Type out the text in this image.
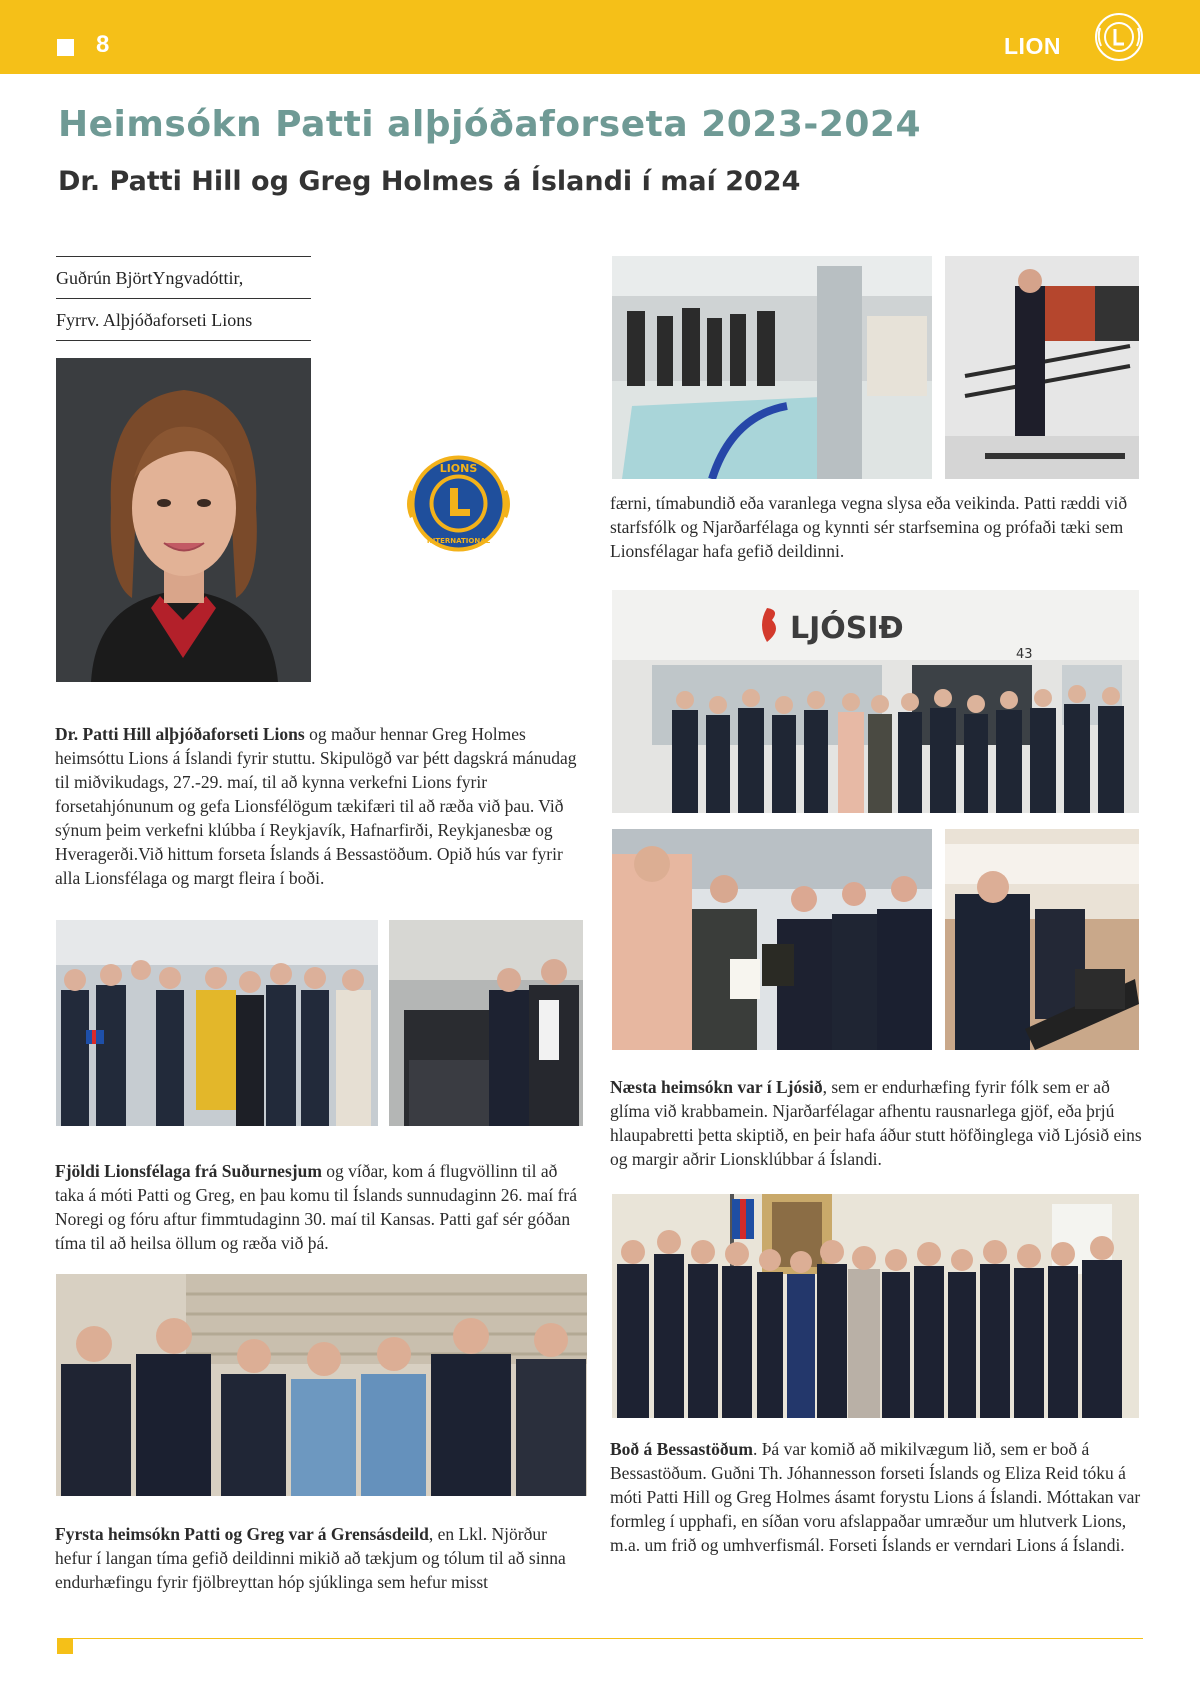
8	LION
Heimsókn Patti alþjóðaforseta 2023-2024
Dr. Patti Hill og Greg Holmes á Íslandi í maí 2024
Guðrún BjörtYngvadóttir,
Fyrrv. Alþjóðaforseti Lions
LIONS
INTERNATIONAL

færni, tímabundið eða varanlega vegna slysa eða veikinda. Patti ræddi við starfsfólk og Njarðarfélaga og kynnti sér starfsemina og prófaði tæki sem Lionsfélagar hafa gefið deildinni.

LJÓSIÐ
43

Dr. Patti Hill alþjóðaforseti Lions og maður hennar Greg Holmes heimsóttu Lions á Íslandi fyrir stuttu. Skipulögð var þétt dagskrá mánudag til miðvikudags, 27.-29. maí, til að kynna verkefni Lions fyrir forsetahjónunum og gefa Lionsfélögum tækifæri til að ræða við þau. Við sýnum þeim verkefni klúbba í Reykjavík, Hafnarfirði, Reykjanesbæ og Hveragerði.Við hittum forseta Íslands á Bessastöðum. Opið hús var fyrir alla Lionsfélaga og margt fleira í boði.

Fjöldi Lionsfélaga frá Suðurnesjum og víðar, kom á flugvöllinn til að taka á móti Patti og Greg, en þau komu til Íslands sunnudaginn 26. maí frá Noregi og fóru aftur fimmtudaginn 30. maí til Kansas. Patti gaf sér góðan tíma til að heilsa öllum og ræða við þá.

Fyrsta heimsókn Patti og Greg var á Grensásdeild, en Lkl. Njörður hefur í langan tíma gefið deildinni mikið að tækjum og tólum til að sinna endurhæfingu fyrir fjölbreyttan hóp sjúklinga sem hefur misst

Næsta heimsókn var í Ljósið, sem er endurhæfing fyrir fólk sem er að glíma við krabbamein. Njarðarfélagar afhentu rausnarlega gjöf, eða þrjú hlaupabretti þetta skiptið, en þeir hafa áður stutt höfðinglega við Ljósið eins og margir aðrir Lionsklúbbar á Íslandi.

Boð á Bessastöðum. Þá var komið að mikilvægum lið, sem er boð á Bessastöðum. Guðni Th. Jóhannesson forseti Íslands og Eliza Reid tóku á móti Patti Hill og Greg Holmes ásamt forystu Lions á Íslandi. Móttakan var formleg í upphafi, en síðan voru afslappaðar umræður um hlutverk Lions, m.a. um frið og umhverfismál. Forseti Íslands er verndari Lions á Íslandi.
